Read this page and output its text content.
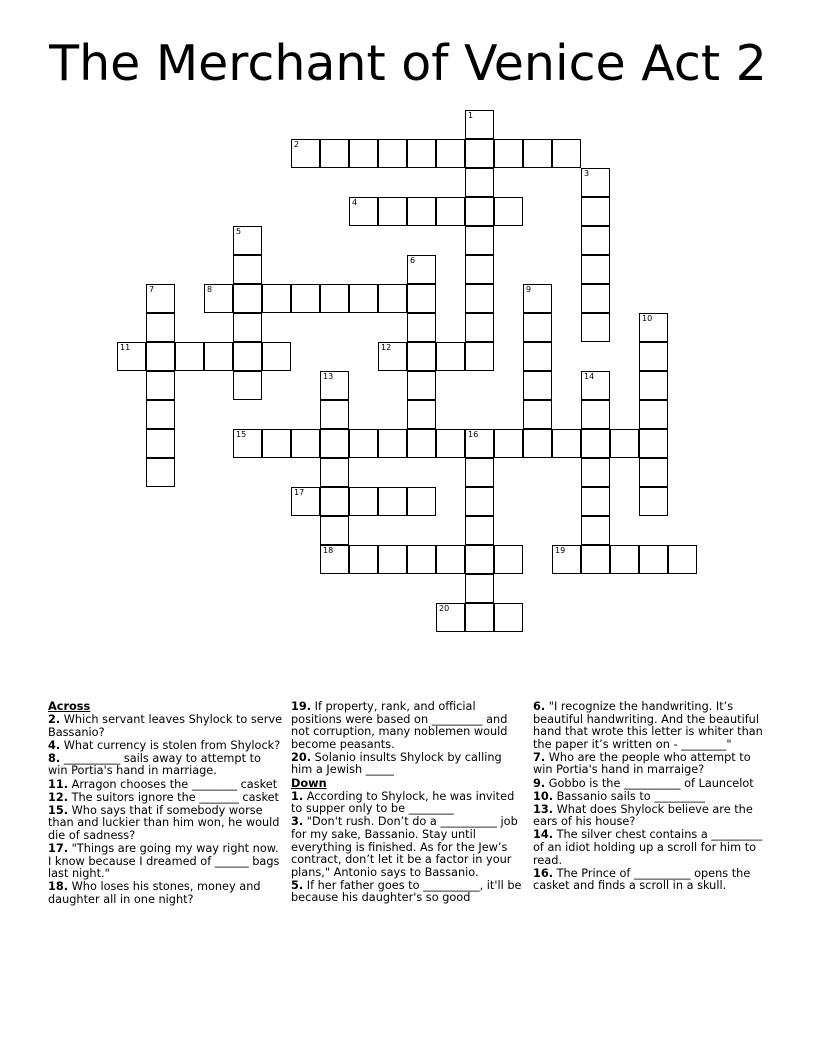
The Merchant of Venice Act 2
1
2
3
4
5
6
7	8	9
10
11	12
13	14
15	16
17
18	19
20
Across
2. Which servant leaves Shylock to serve Bassanio?
4. What currency is stolen from Shylock?
8. __________ sails away to attempt to win Portia's hand in marriage.
11. Arragon chooses the ________ casket
12. The suitors ignore the _______ casket
15. Who says that if somebody worse than and luckier than him won, he would die of sadness?
17. "Things are going my way right now. I know because I dreamed of ______ bags last night."
18. Who loses his stones, money and daughter all in one night?
19. If property, rank, and official positions were based on _________ and not corruption, many noblemen would become peasants.
20. Solanio insults Shylock by calling him a Jewish _____
Down
1. According to Shylock, he was invited to supper only to be ________
3. "Don't rush. Don’t do a __________ job for my sake, Bassanio. Stay until everything is finished. As for the Jew’s contract, don’t let it be a factor in your plans," Antonio says to Bassanio.
5. If her father goes to __________, it'll be because his daughter's so good
6. "I recognize the handwriting. It’s beautiful handwriting. And the beautiful hand that wrote this letter is whiter than the paper it’s written on - ________"
7. Who are the people who attempt to win Portia's hand in marraige?
9. Gobbo is the __________ of Launcelot
10. Bassanio sails to _________
13. What does Shylock believe are the ears of his house?
14. The silver chest contains a _________ of an idiot holding up a scroll for him to read.
16. The Prince of __________ opens the casket and finds a scroll in a skull.
